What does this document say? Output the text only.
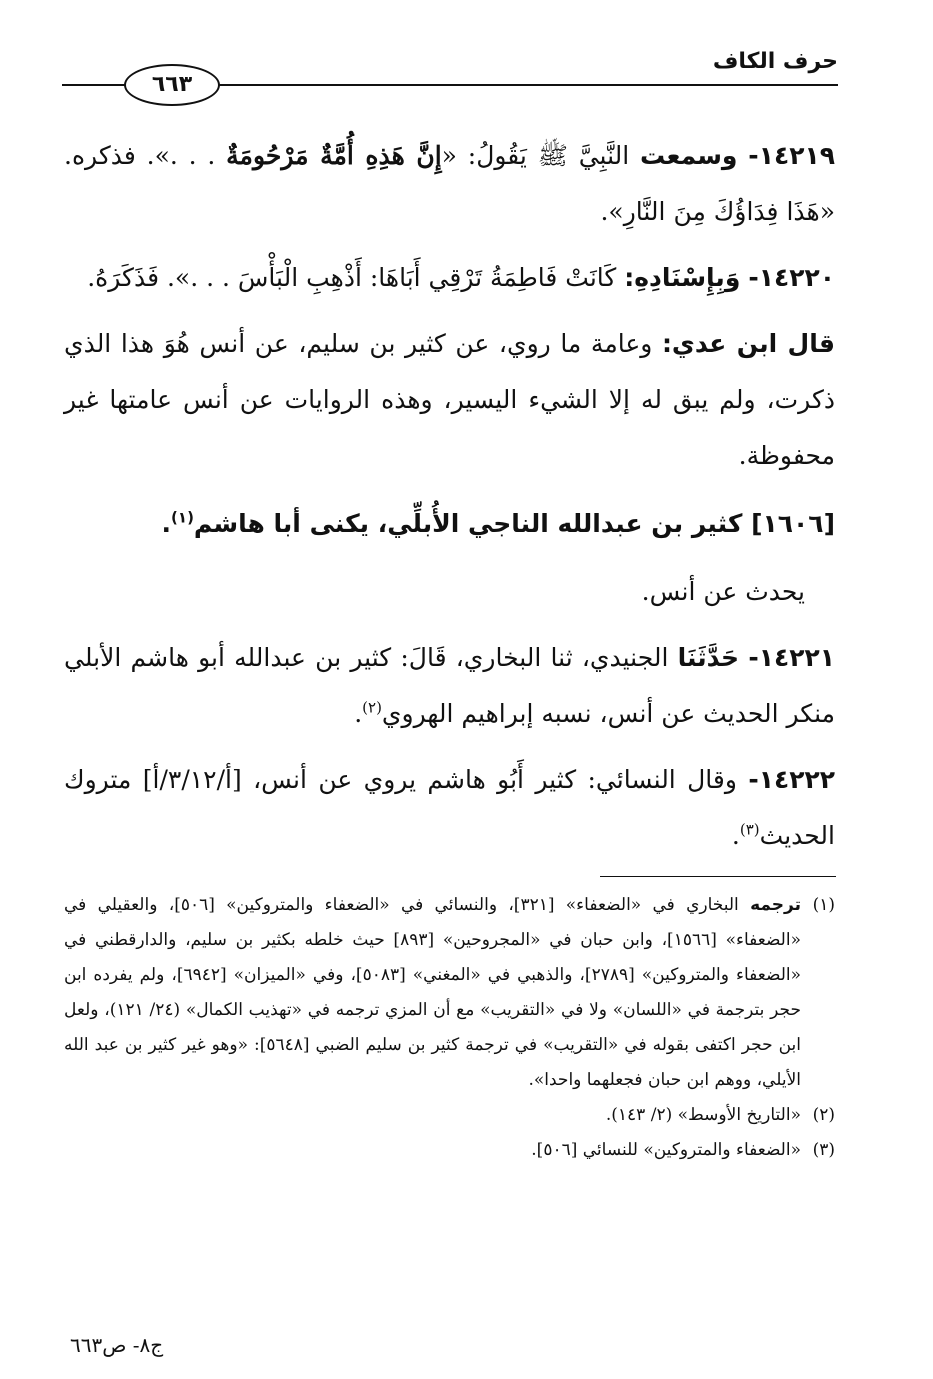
حرف الكاف
٦٦٣

١٤٢١٩- وسمعت النَّبِيَّ ﷺ يَقُولُ: «إِنَّ هَذِهِ أُمَّةٌ مَرْحُومَةٌ . . .». فذكره. «هَذَا فِدَاؤُكَ مِنَ النَّارِ».

١٤٢٢٠- وَبِإِسْنَادِهِ: كَانَتْ فَاطِمَةُ تَرْقِي أَبَاهَا: أَذْهِبِ الْبَأْسَ . . .». فَذَكَرَهُ.

قال ابن عدي: وعامة ما روي، عن كثير بن سليم، عن أنس هُوَ هذا الذي ذكرت، ولم يبق له إلا الشيء اليسير، وهذه الروايات عن أنس عامتها غير محفوظة.

[١٦٠٦] كثير بن عبدالله الناجي الأُبلِّي، يكنى أبا هاشم$^{(١)}$.

يحدث عن أنس.

١٤٢٢١- حَدَّثَنَا الجنيدي، ثنا البخاري، قَالَ: كثير بن عبدالله أبو هاشم الأبلي منكر الحديث عن أنس، نسبه إبراهيم الهروي$^{(٢)}$.

١٤٢٢٢- وقال النسائي: كثير أَبُو هاشم يروي عن أنس، [أ/٣/١٢/أ] متروك الحديث$^{(٣)}$.

(١)
ترجمه البخاري في «الضعفاء» [٣٢١]، والنسائي في «الضعفاء والمتروكين» [٥٠٦]، والعقيلي في «الضعفاء» [١٥٦٦]، وابن حبان في «المجروحين» [٨٩٣] حيث خلطه بكثير بن سليم، والدارقطني في «الضعفاء والمتروكين» [٢٧٨٩]، والذهبي في «المغني» [٥٠٨٣]، وفي «الميزان» [٦٩٤٢]، ولم يفرده ابن حجر بترجمة في «اللسان» ولا في «التقريب» مع أن المزي ترجمه في «تهذيب الكمال» (٢٤/ ١٢١)، ولعل ابن حجر اكتفى بقوله في «التقريب» في ترجمة كثير بن سليم الضبي [٥٦٤٨]: «وهو غير كثير بن عبد الله الأيلي، ووهم ابن حبان فجعلهما واحدا».
(٢)
«التاريخ الأوسط» (٢/ ١٤٣).
(٣)
«الضعفاء والمتروكين» للنسائي [٥٠٦].
ج٨- ص٦٦٣
